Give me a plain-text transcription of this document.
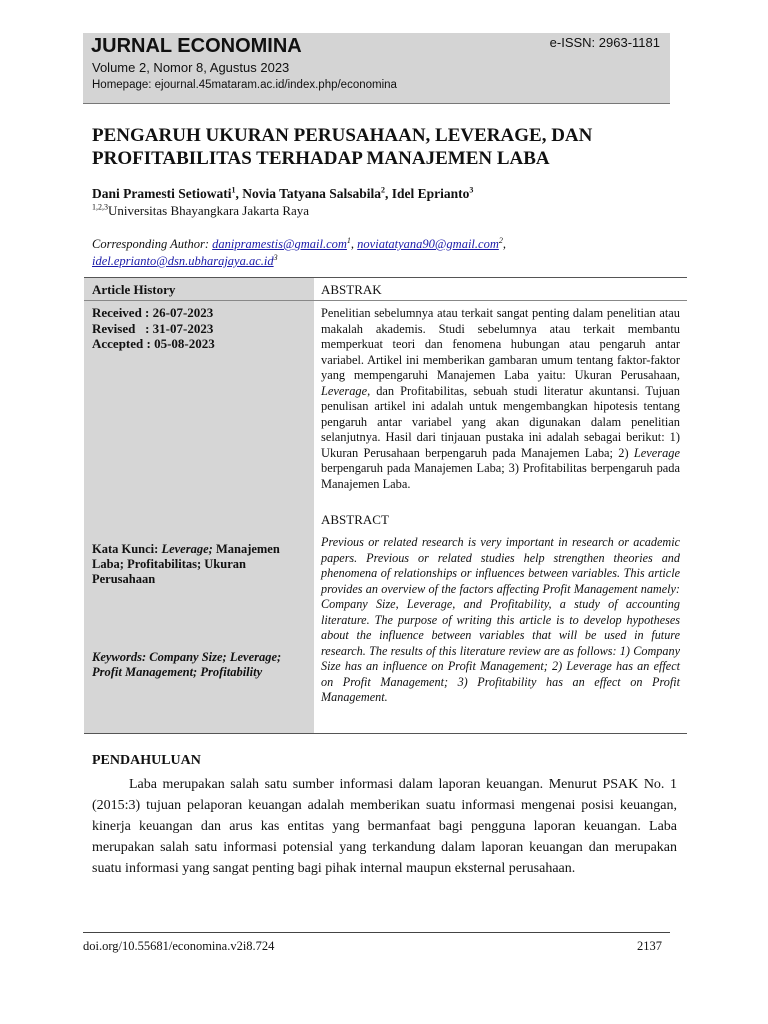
JURNAL ECONOMINA
Volume 2, Nomor 8, Agustus 2023
Homepage: ejournal.45mataram.ac.id/index.php/economina
e-ISSN: 2963-1181
PENGARUH UKURAN PERUSAHAAN, LEVERAGE, DAN PROFITABILITAS TERHADAP MANAJEMEN LABA
Dani Pramesti Setiowati$^1$, Novia Tatyana Salsabila$^2$, Idel Eprianto$^3$
$^{1,2,3}$Universitas Bhayangkara Jakarta Raya
Corresponding Author: danipramestis@gmail.com$^1$, noviatatyana90@gmail.com$^2$,
$idel.eprianto@dsn.ubharajaya.ac.id^3$
Article History
Received : 26-07-2023
Revised   : 31-07-2023
Accepted : 05-08-2023
Kata Kunci: Leverage; Manajemen Laba; Profitabilitas; Ukuran Perusahaan
Keywords: Company Size; Leverage; Profit Management; Profitability
ABSTRAK
Penelitian sebelumnya atau terkait sangat penting dalam penelitian atau makalah akademis. Studi sebelumnya atau terkait membantu memperkuat teori dan fenomena hubungan atau pengaruh antar variabel. Artikel ini memberikan gambaran umum tentang faktor-faktor yang mempengaruhi Manajemen Laba yaitu: Ukuran Perusahaan, Leverage, dan Profitabilitas, sebuah studi literatur akuntansi. Tujuan penulisan artikel ini adalah untuk mengembangkan hipotesis tentang pengaruh antar variabel yang akan digunakan dalam penelitian selanjutnya. Hasil dari tinjauan pustaka ini adalah sebagai berikut: 1) Ukuran Perusahaan berpengaruh pada Manajemen Laba; 2) Leverage berpengaruh pada Manajemen Laba; 3) Profitabilitas berpengaruh pada Manajemen Laba.
ABSTRACT
Previous or related research is very important in research or academic papers. Previous or related studies help strengthen theories and phenomena of relationships or influences between variables. This article provides an overview of the factors affecting Profit Management namely: Company Size, Leverage, and Profitability, a study of accounting literature. The purpose of writing this article is to develop hypotheses about the influence between variables that will be used in future research. The results of this literature review are as follows: 1) Company Size has an influence on Profit Management; 2) Leverage has an effect on Profit Management; 3) Profitability has an effect on Profit Management.
PENDAHULUAN
Laba merupakan salah satu sumber informasi dalam laporan keuangan. Menurut PSAK No. 1 (2015:3) tujuan pelaporan keuangan adalah memberikan suatu informasi mengenai posisi keuangan, kinerja keuangan dan arus kas entitas yang bermanfaat bagi pengguna laporan keuangan. Laba merupakan salah satu informasi potensial yang terkandung dalam laporan keuangan dan merupakan suatu informasi yang sangat penting bagi pihak internal maupun eksternal perusahaan.
doi.org/10.55681/economina.v2i8.724	2137
